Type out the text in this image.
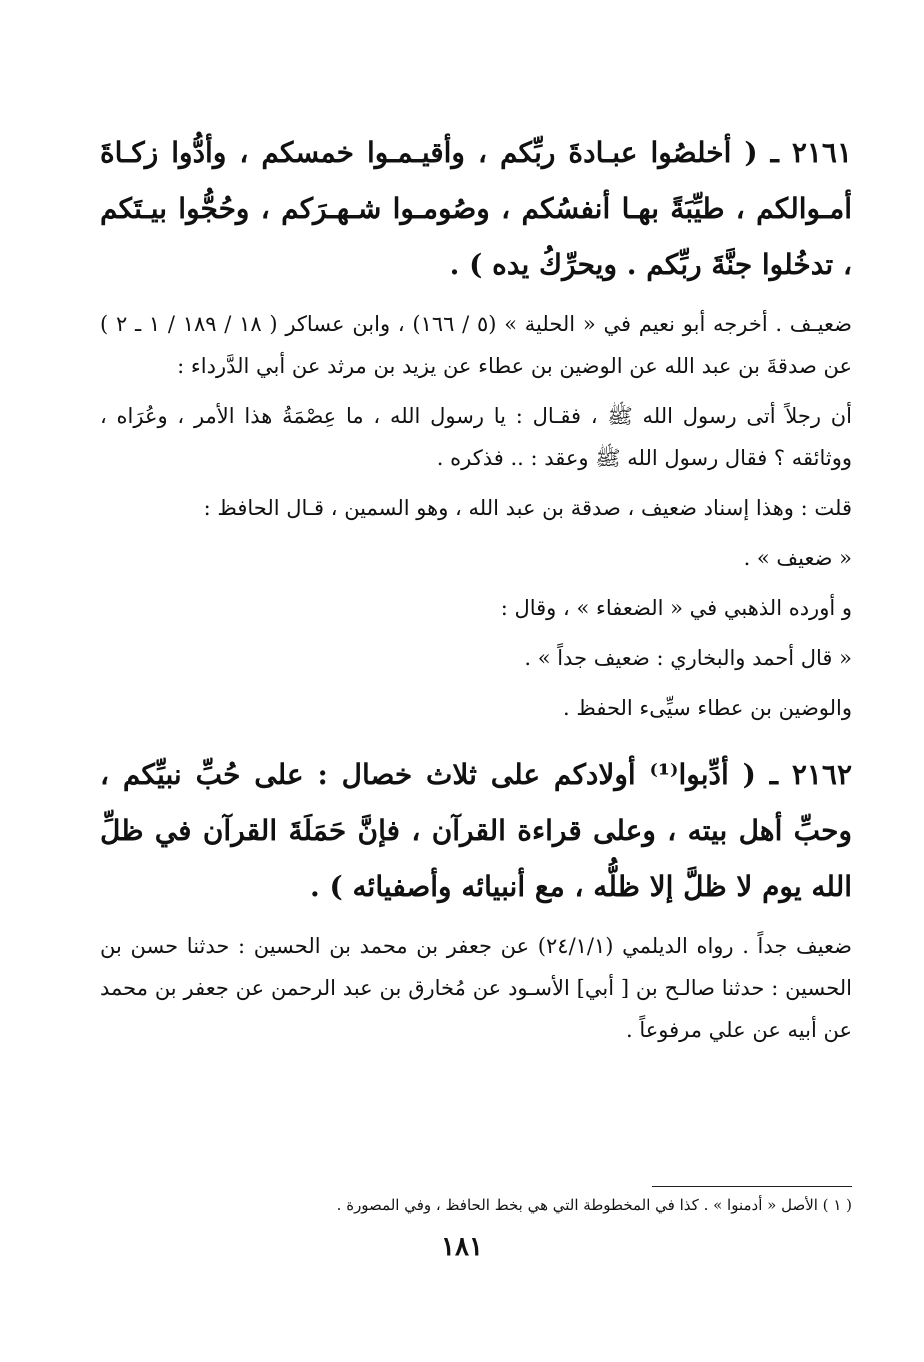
٢١٦١ ـ ( أخلصُوا عبـادةَ ربِّكم ، وأقيـمـوا خمسكم ، وأدُّوا زكـاةَ أمـوالكم ، طيِّبَةً بهـا أنفسُكم ، وصُومـوا شـهـرَكم ، وحُجُّوا بيـتَكم ، تدخُلوا جنَّةَ ربِّكم . ويحرِّكُ يده ) .

ضعيـف . أخرجه أبو نعيم في « الحلية » (٥ / ١٦٦) ، وابن عساكر ( ١٨ / ١٨٩ / ١ ـ ٢ ) عن صدقةَ بن عبد الله عن الوضين بن عطاء عن يزيد بن مرثد عن أبي الدَّرداء :

أن رجلاً أتى رسول الله ﷺ ، فقـال : يا رسول الله ، ما عِصْمَةُ هذا الأمر ، وعُرَاه ، ووثائقه ؟ فقال رسول الله ﷺ وعقد : .. فذكره .

قلت : وهذا إسناد ضعيف ، صدقة بن عبد الله ، وهو السمين ، قـال الحافظ :

« ضعيف » .

و أورده الذهبي في « الضعفاء » ، وقال :

« قال أحمد والبخاري : ضعيف جداً » .

والوضين بن عطاء سيِّىء الحفظ .

٢١٦٢ ـ ( أدِّبوا⁽¹⁾ أولادكم على ثلاث خصال : على حُبِّ نبيِّكم ، وحبِّ أهل بيته ، وعلى قراءة القرآن ، فإنَّ حَمَلَةَ القرآن في ظلِّ الله يوم لا ظلَّ إلا ظلُّه ، مع أنبيائه وأصفيائه ) .

ضعيف جداً . رواه الديلمي (٢٤/١/١) عن جعفر بن محمد بن الحسين : حدثنا حسن بن الحسين : حدثنا صالـح بن [ أبي] الأسـود عن مُخارق بن عبد الرحمن عن جعفر بن محمد عن أبيه عن علي مرفوعاً .

( ١ ) الأصل « أدمنوا » . كذا في المخطوطة التي هي بخط الحافظ ، وفي المصورة .
١٨١
